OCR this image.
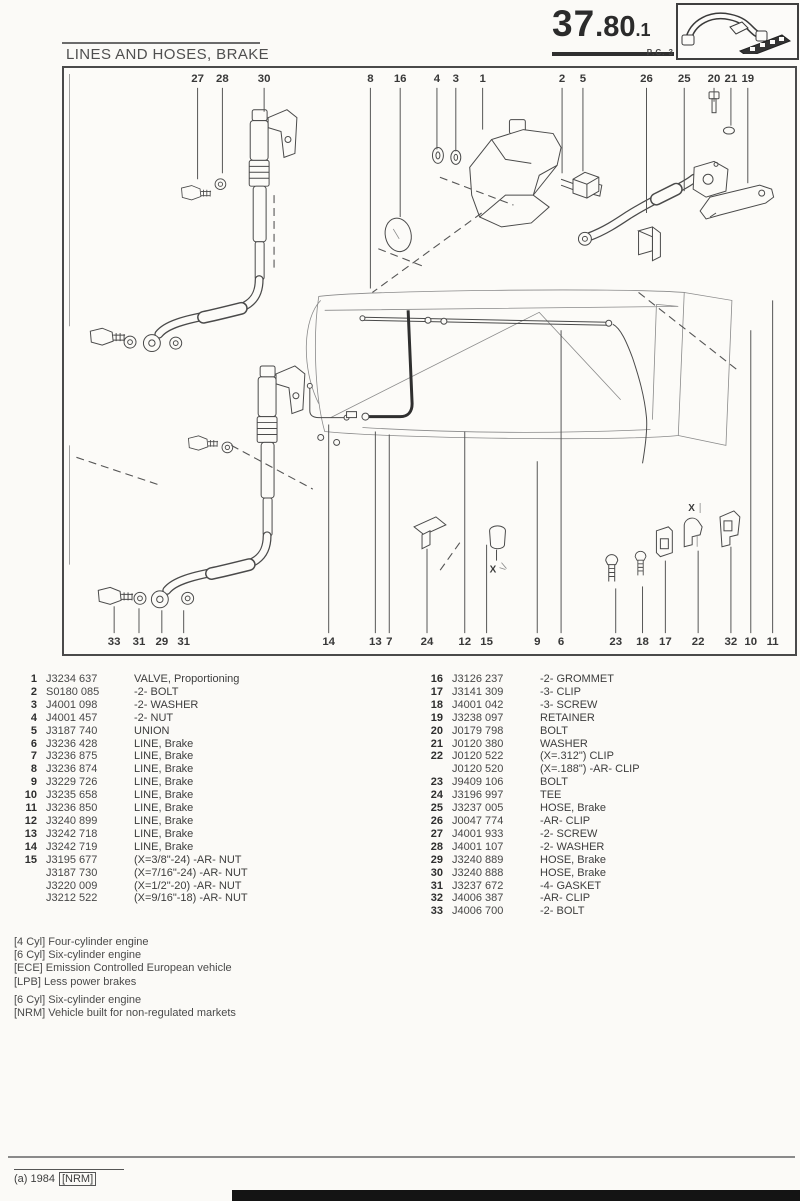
37.80.1
P.C. 3
LINES AND HOSES, BRAKE
X
X
27 28	30	8 16 4 3 1	2 5	26 25 20 21 19
33 31 29 31	14	13 7 24 12 15	9 6	23 18 17 22 32 10 11
1 J3234 637	VALVE, Proportioning
2 S0180 085	-2- BOLT
3 J4001 098	-2- WASHER
4 J4001 457	-2- NUT
5 J3187 740	UNION
6 J3236 428	LINE, Brake
7 J3236 875	LINE, Brake
8 J3236 874	LINE, Brake
9 J3229 726	LINE, Brake
10 J3235 658	LINE, Brake
11 J3236 850	LINE, Brake
12 J3240 899	LINE, Brake
13 J3242 718	LINE, Brake
14 J3242 719	LINE, Brake
15 J3195 677	(X=3/8"-24) -AR- NUT
J3187 730	(X=7/16"-24) -AR- NUT
J3220 009	(X=1/2"-20) -AR- NUT
J3212 522	(X=9/16"-18) -AR- NUT
16 J3126 237	-2- GROMMET
17 J3141 309	-3- CLIP
18 J4001 042	-3- SCREW
19 J3238 097	RETAINER
20 J0179 798	BOLT
21 J0120 380	WASHER
22 J0120 522	(X=.312") CLIP
J0120 520	(X=.188") -AR- CLIP
23 J9409 106	BOLT
24 J3196 997	TEE
25 J3237 005	HOSE, Brake
26 J0047 774	-AR- CLIP
27 J4001 933	-2- SCREW
28 J4001 107	-2- WASHER
29 J3240 889	HOSE, Brake
30 J3240 888	HOSE, Brake
31 J3237 672	-4- GASKET
32 J4006 387	-AR- CLIP
33 J4006 700	-2- BOLT
[4 Cyl] Four-cylinder engine
[6 Cyl] Six-cylinder engine
[ECE] Emission Controlled European vehicle
[LPB] Less power brakes
[6 Cyl] Six-cylinder engine
[NRM] Vehicle built for non-regulated markets
(a) 1984 [NRM]
